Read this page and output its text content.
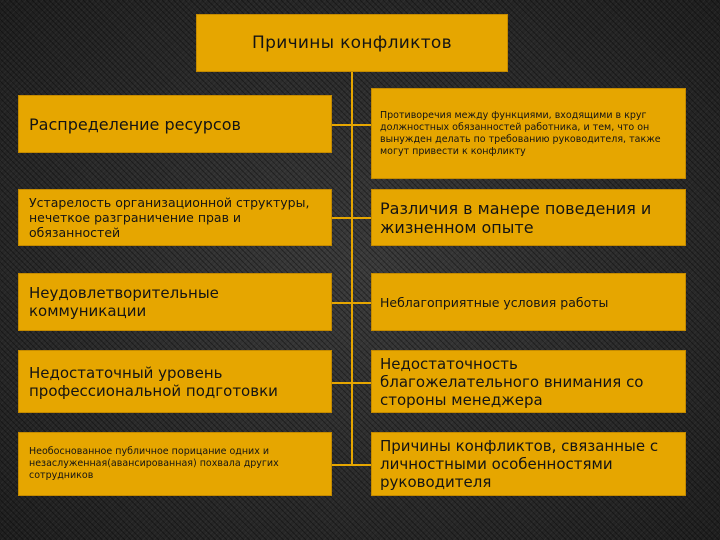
Причины конфликтов
Распределение ресурсов
Устарелость организационной структуры, нечеткое разграничение прав и обязанностей
Неудовлетворительные коммуникации
Недостаточный уровень профессиональной подготовки
Необоснованное публичное порицание одних и незаслуженная(авансированная) похвала других сотрудников
Противоречия между функциями, входящими в круг должностных обязанностей работника, и тем, что он вынужден делать по требованию руководителя, также могут привести к конфликту
Различия в манере поведения и жизненном опыте
Неблагоприятные условия работы
Недостаточность благожелательного внимания со стороны менеджера
Причины конфликтов, связанные с личностными особенностями руководителя
